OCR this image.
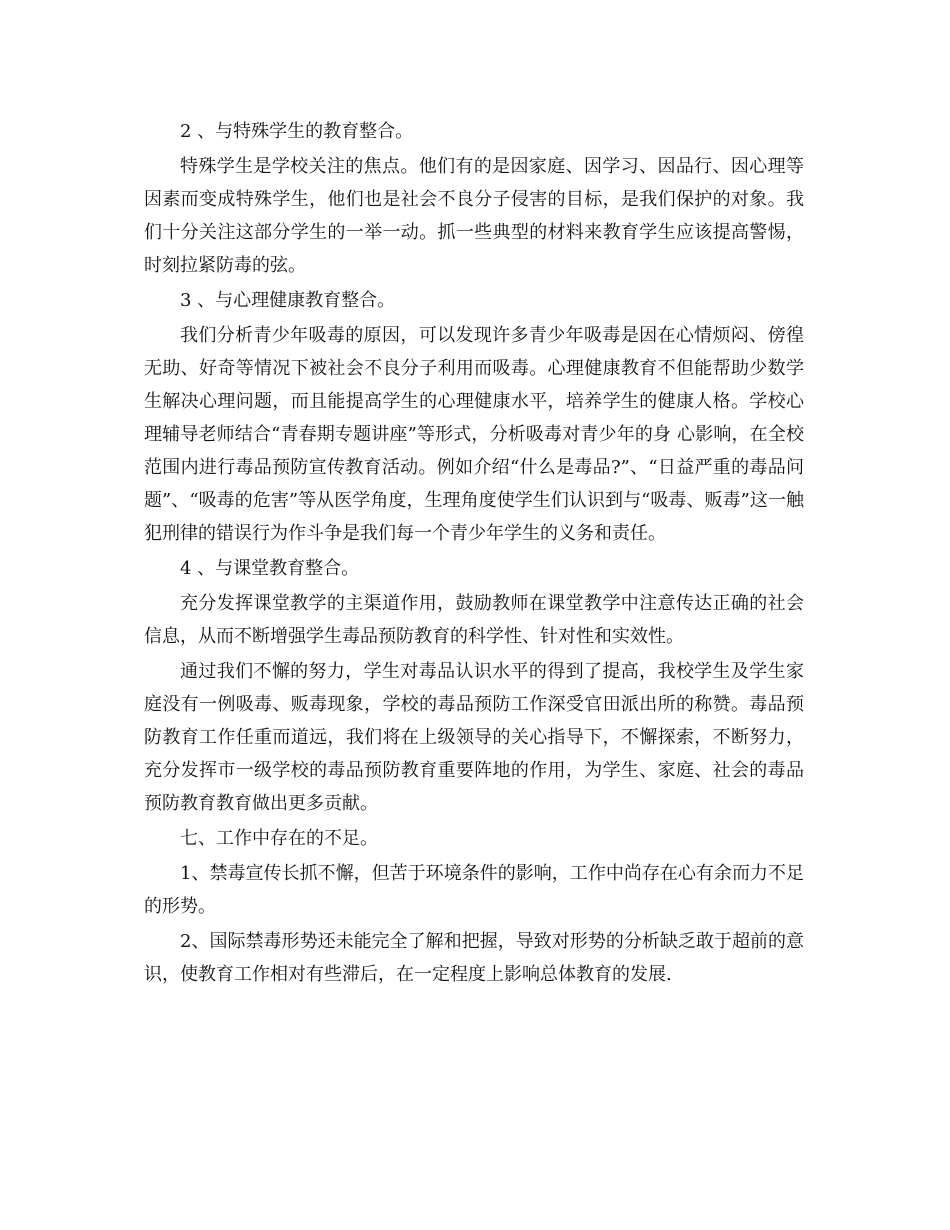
2 、与特殊学生的教育整合。

特殊学生是学校关注的焦点。他们有的是因家庭、因学习、因品行、因心理等因素而变成特殊学生，他们也是社会不良分子侵害的目标，是我们保护的对象。我们十分关注这部分学生的一举一动。抓一些典型的材料来教育学生应该提高警惕，时刻拉紧防毒的弦。

3 、与心理健康教育整合。

我们分析青少年吸毒的原因，可以发现许多青少年吸毒是因在心情烦闷、傍徨无助、好奇等情况下被社会不良分子利用而吸毒。心理健康教育不但能帮助少数学生解决心理问题，而且能提高学生的心理健康水平，培养学生的健康人格。学校心理辅导老师结合“青春期专题讲座”等形式，分析吸毒对青少年的身 心影响，在全校范围内进行毒品预防宣传教育活动。例如介绍“什么是毒品?”、“日益严重的毒品问题”、“吸毒的危害”等从医学角度，生理角度使学生们认识到与“吸毒、贩毒”这一触犯刑律的错误行为作斗争是我们每一个青少年学生的义务和责任。

4 、与课堂教育整合。

充分发挥课堂教学的主渠道作用，鼓励教师在课堂教学中注意传达正确的社会信息，从而不断增强学生毒品预防教育的科学性、针对性和实效性。

通过我们不懈的努力，学生对毒品认识水平的得到了提高，我校学生及学生家庭没有一例吸毒、贩毒现象，学校的毒品预防工作深受官田派出所的称赞。毒品预防教育工作任重而道远，我们将在上级领导的关心指导下，不懈探索，不断努力，充分发挥市一级学校的毒品预防教育重要阵地的作用，为学生、家庭、社会的毒品预防教育教育做出更多贡献。

七、工作中存在的不足。

1、禁毒宣传长抓不懈，但苦于环境条件的影响，工作中尚存在心有余而力不足的形势。

2、国际禁毒形势还未能完全了解和把握，导致对形势的分析缺乏敢于超前的意识，使教育工作相对有些滞后，在一定程度上影响总体教育的发展.
